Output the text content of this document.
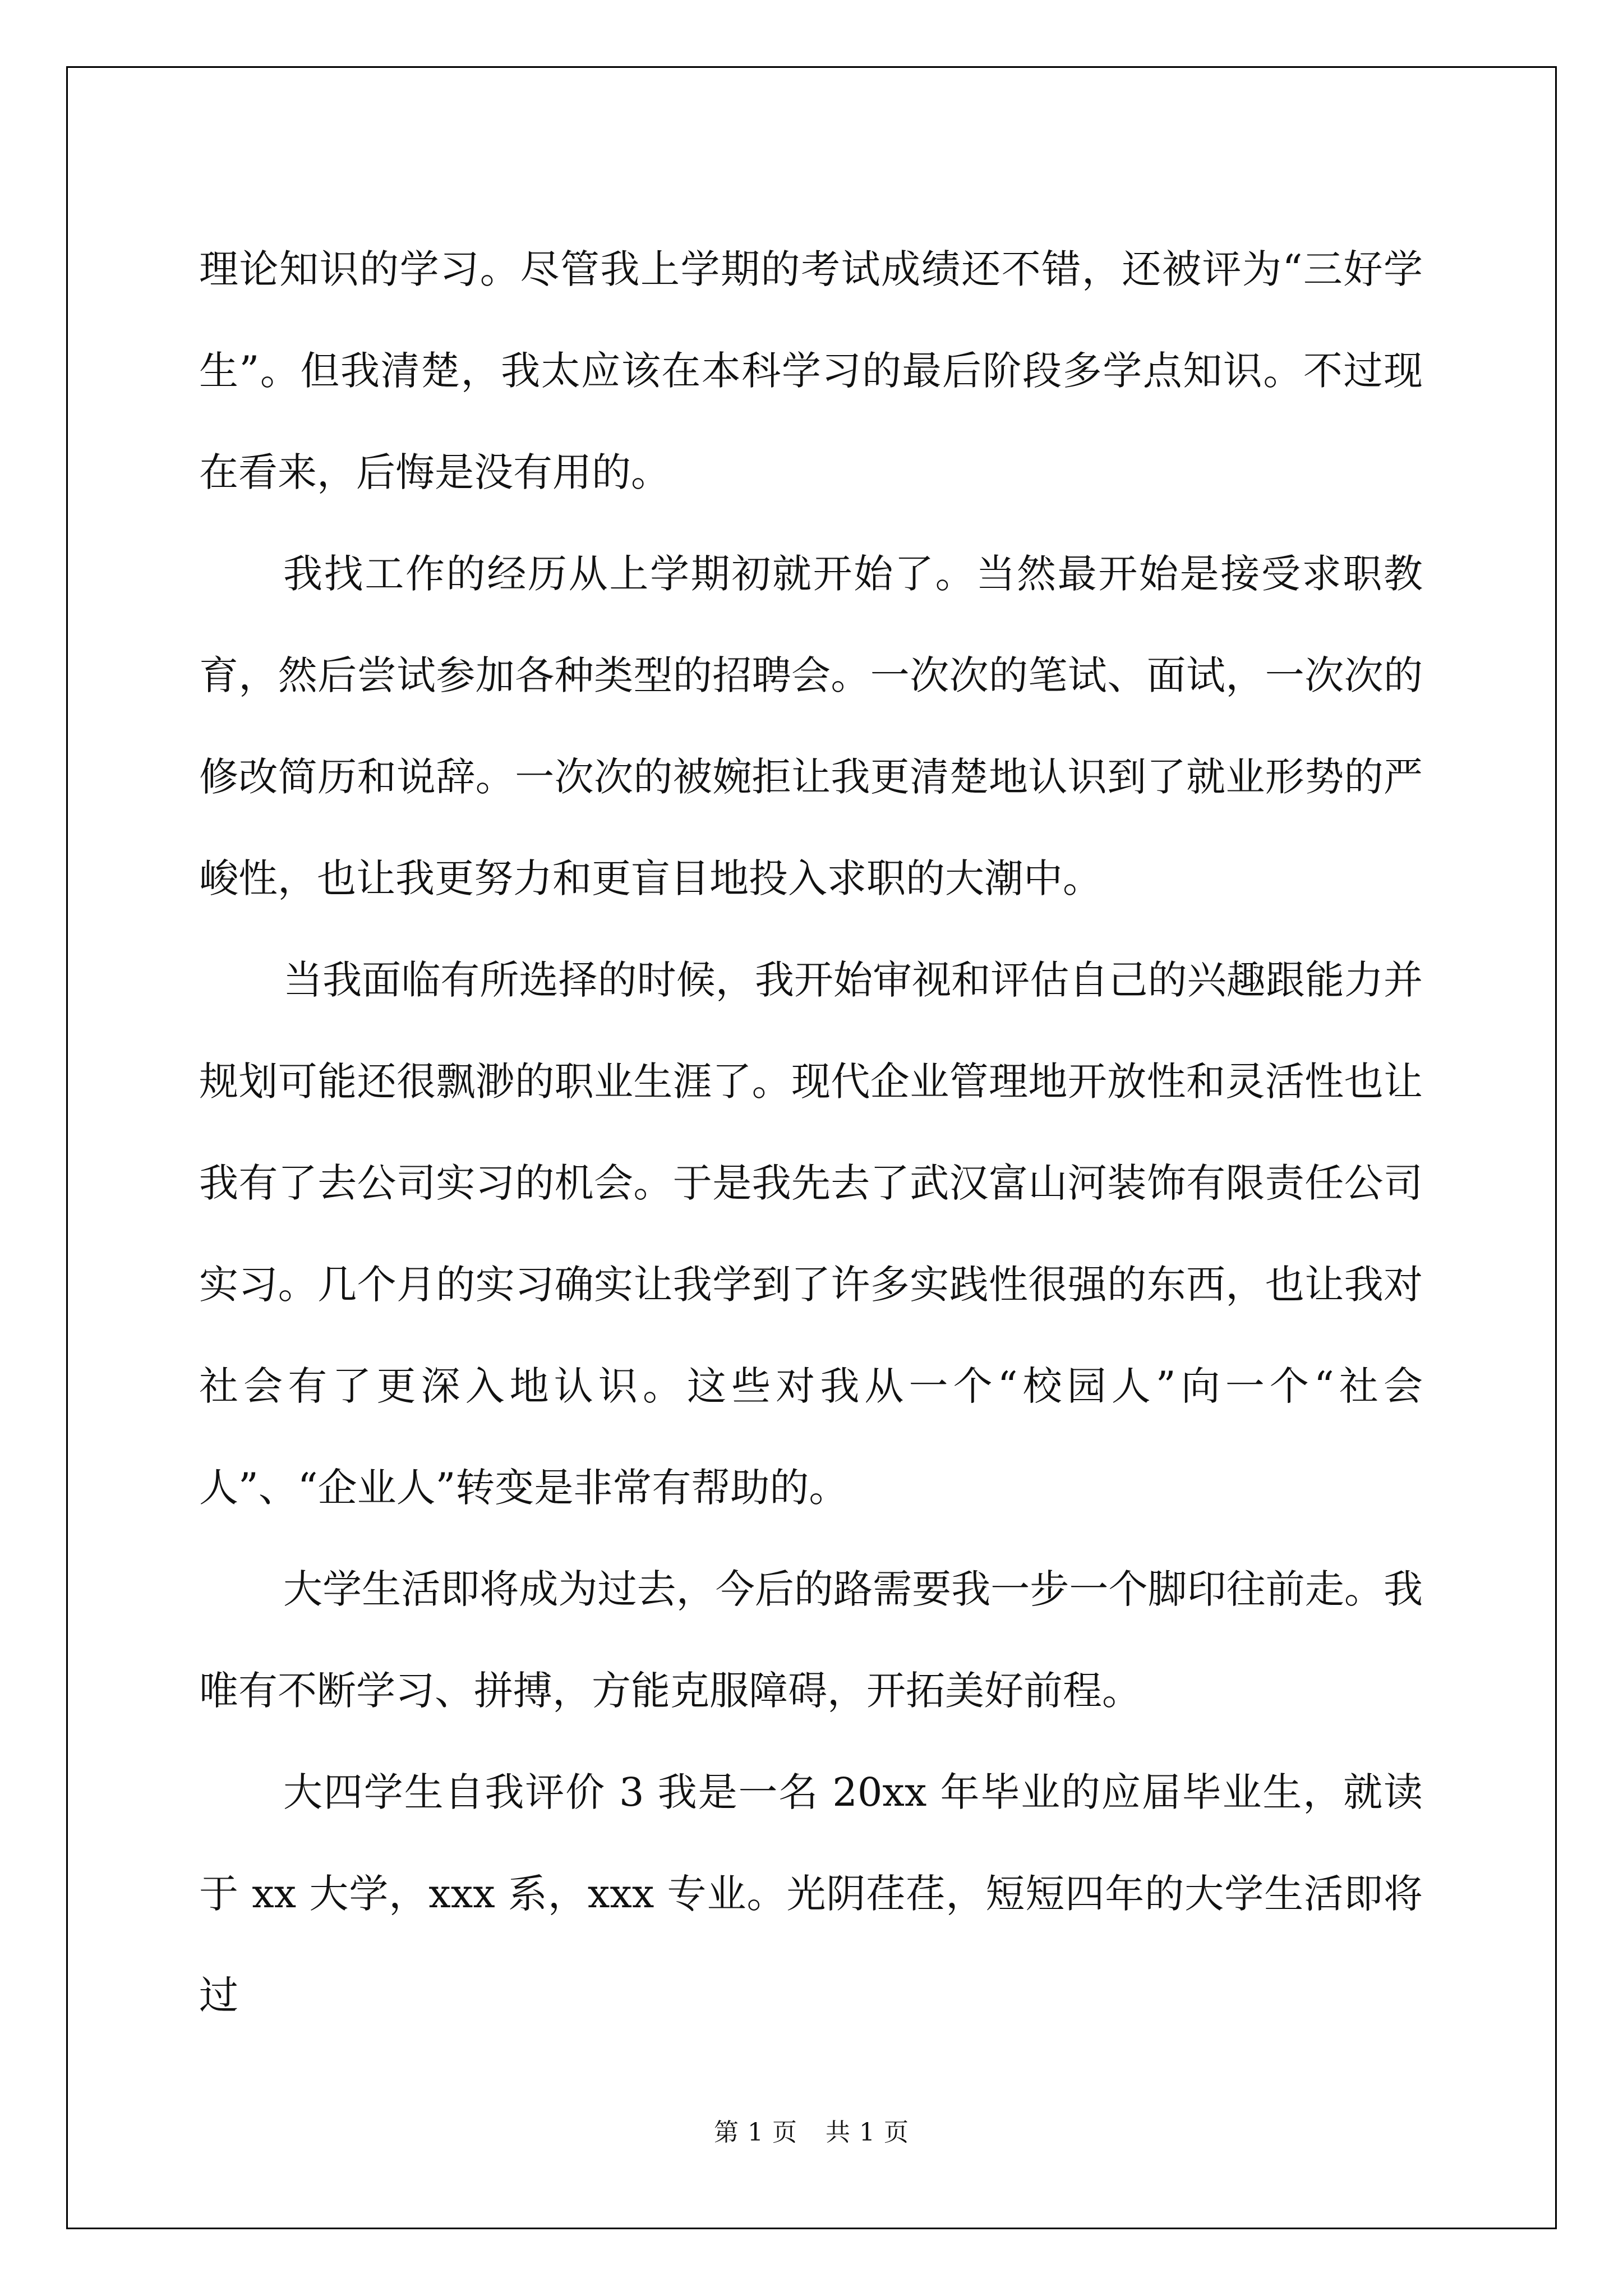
理论知识的学习。尽管我上学期的考试成绩还不错，还被评为“三好学生”。但我清楚，我太应该在本科学习的最后阶段多学点知识。不过现在看来，后悔是没有用的。

我找工作的经历从上学期初就开始了。当然最开始是接受求职教育，然后尝试参加各种类型的招聘会。一次次的笔试、面试，一次次的修改简历和说辞。一次次的被婉拒让我更清楚地认识到了就业形势的严峻性，也让我更努力和更盲目地投入求职的大潮中。

当我面临有所选择的时候，我开始审视和评估自己的兴趣跟能力并规划可能还很飘渺的职业生涯了。现代企业管理地开放性和灵活性也让我有了去公司实习的机会。于是我先去了武汉富山河装饰有限责任公司实习。几个月的实习确实让我学到了许多实践性很强的东西，也让我对社会有了更深入地认识。这些对我从一个“校园人”向一个“社会人”、“企业人”转变是非常有帮助的。

大学生活即将成为过去，今后的路需要我一步一个脚印往前走。我唯有不断学习、拼搏，方能克服障碍，开拓美好前程。

大四学生自我评价 3 我是一名 20xx 年毕业的应届毕业生，就读于 xx 大学，xxx 系，xxx 专业。光阴荏荏，短短四年的大学生活即将过

第 1 页 共 1 页
